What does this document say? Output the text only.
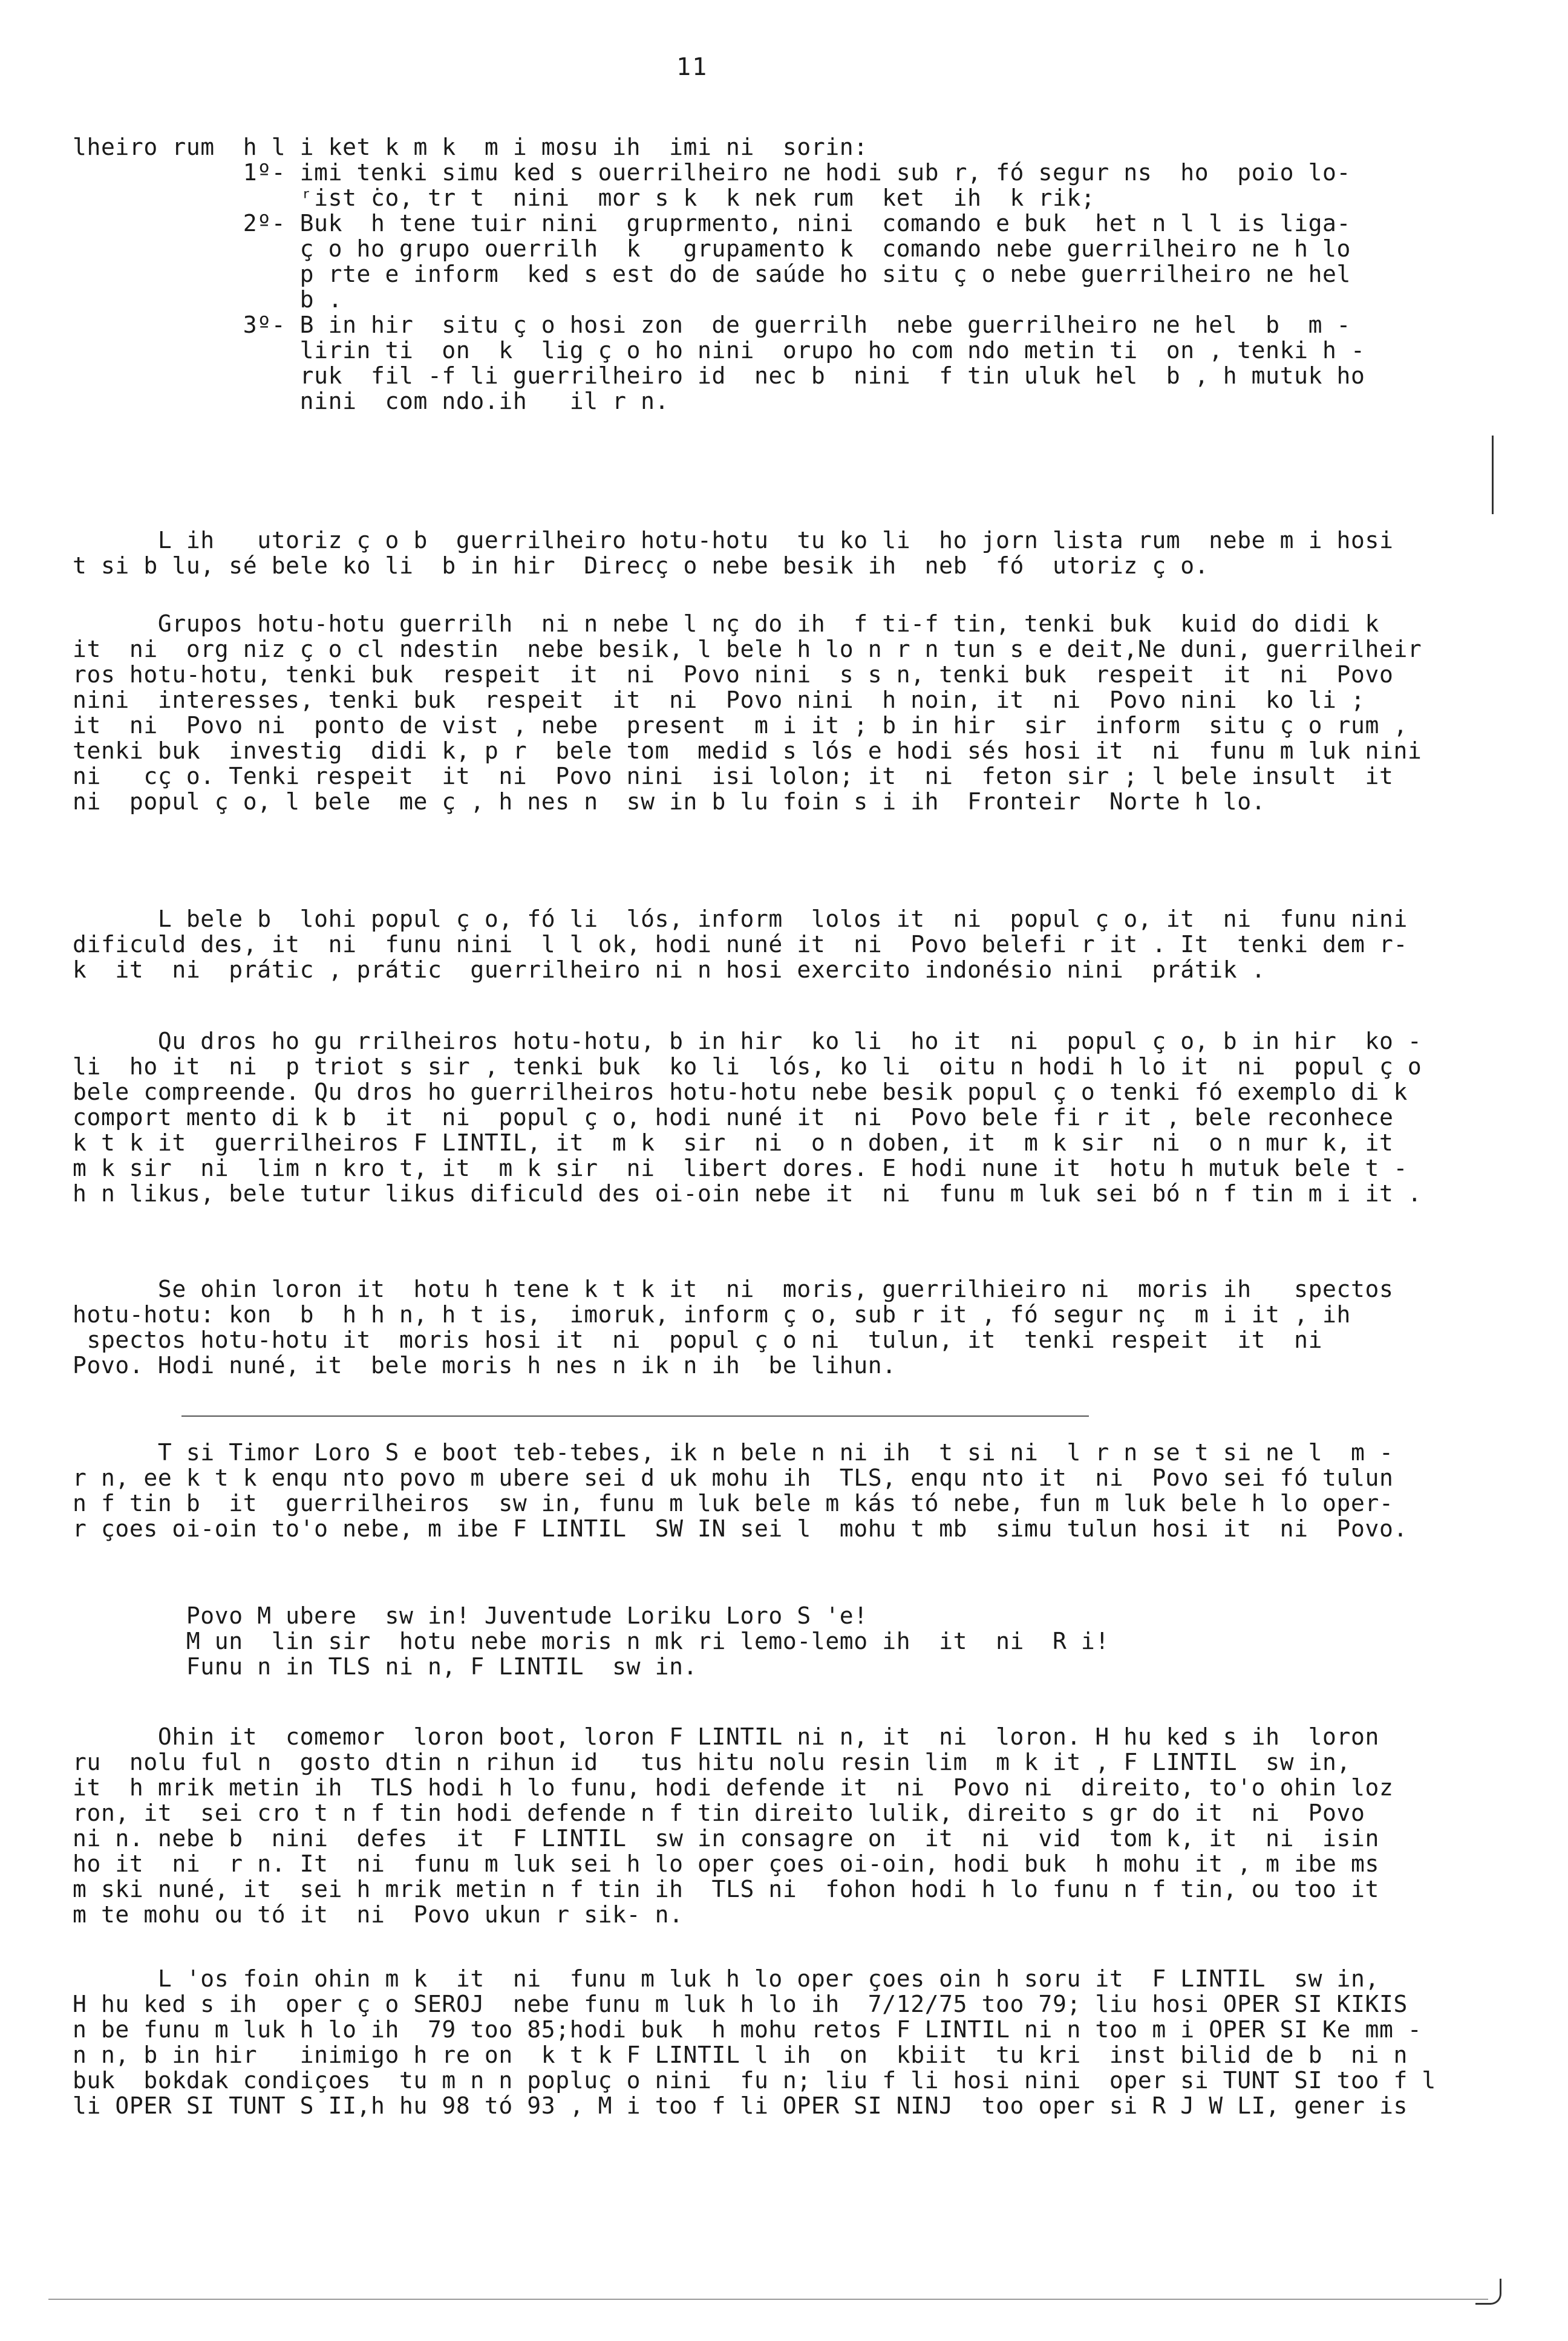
11
lheiro rum  h l i ket k m k  m i mosu ih  imi ni  sorin:
1º- imi tenki simu ked s ouerrilheiro ne hodi sub r, fó segur ns  ho  poio lo-
ʳist ̇co, tr t  nini  mor s k  k nek rum  ket  ih  k rik;
2º- Buk  h tene tuir nini  gruprmento, nini  comando e buk  het n l l is liga-
ç o ho grupo ouerrilh  k   grupamento k  comando nebe guerrilheiro ne h lo
p rte e inform  ked s est do de saúde ho situ ç o nebe guerrilheiro ne hel
b .
3º- B in hir  situ ç o hosi zon  de guerrilh  nebe guerrilheiro ne hel  b  m -
lirin ti  on  k  lig ç o ho nini  orupo ho com ndo metin ti  on , tenki h -
ruk  fil -f li guerrilheiro id  nec b  nini  f tin uluk hel  b , h mutuk ho
nini  com ndo.ih   il r n.
L ih   utoriz ç o b  guerrilheiro hotu-hotu  tu ko li  ho jorn lista rum  nebe m i hosi
t si b lu, sé bele ko li  b in hir  Direcç o nebe besik ih  neb  fó  utoriz ç o.
Grupos hotu-hotu guerrilh  ni n nebe l nç do ih  f ti-f tin, tenki buk  kuid do didi k
it  ni  org niz ç o cl ndestin  nebe besik, l bele h lo n r n tun s e deit,Ne duni, guerrilheir
ros hotu-hotu, tenki buk  respeit  it  ni  Povo nini  s s n, tenki buk  respeit  it  ni  Povo
nini  interesses, tenki buk  respeit  it  ni  Povo nini  h noin, it  ni  Povo nini  ko li ;
it  ni  Povo ni  ponto de vist , nebe  present  m i it ; b in hir  sir  inform  situ ç o rum ,
tenki buk  investig  didi k, p r  bele tom  medid s lós e hodi sés hosi it  ni  funu m luk nini
ni   cç o. Tenki respeit  it  ni  Povo nini  isi lolon; it  ni  feton sir ; l bele insult  it
ni  popul ç o, l bele  me ç , h nes n  sw in b lu foin s i ih  Fronteir  Norte h lo.
L bele b  lohi popul ç o, fó li  lós, inform  lolos it  ni  popul ç o, it  ni  funu nini
dificuld des, it  ni  funu nini  l l ok, hodi nuné it  ni  Povo belefi r it . It  tenki dem r-
k  it  ni  prátic , prátic  guerrilheiro ni n hosi exercito indonésio nini  prátik .
Qu dros ho gu rrilheiros hotu-hotu, b in hir  ko li  ho it  ni  popul ç o, b in hir  ko -
li  ho it  ni  p triot s sir , tenki buk  ko li  lós, ko li  oitu n hodi h lo it  ni  popul ç o
bele compreende. Qu dros ho guerrilheiros hotu-hotu nebe besik popul ç o tenki fó exemplo di k
comport mento di k b  it  ni  popul ç o, hodi nuné it  ni  Povo bele fi r it , bele reconhece
k t k it  guerrilheiros F LINTIL, it  m k  sir  ni  o n doben, it  m k sir  ni  o n mur k, it
m k sir  ni  lim n kro t, it  m k sir  ni  libert dores. E hodi nune it  hotu h mutuk bele t -
h n likus, bele tutur likus dificuld des oi-oin nebe it  ni  funu m luk sei bó n f tin m i it .
Se ohin loron it  hotu h tene k t k it  ni  moris, guerrilhieiro ni  moris ih   spectos
hotu-hotu: kon  b  h h n, h t is,  imoruk, inform ç o, sub r it , fó segur nç  m i it , ih
spectos hotu-hotu it  moris hosi it  ni  popul ç o ni  tulun, it  tenki respeit  it  ni
Povo. Hodi nuné, it  bele moris h nes n ik n ih  be lihun.
T si Timor Loro S e boot teb-tebes, ik n bele n ni ih  t si ni  l r n se t si ne l  m -
r n, ee k t k enqu nto povo m ubere sei d uk mohu ih  TLS, enqu nto it  ni  Povo sei fó tulun
n f tin b  it  guerrilheiros  sw in, funu m luk bele m kás tó nebe, fun m luk bele h lo oper-
r çoes oi-oin to'o nebe, m ibe F LINTIL  SW IN sei l  mohu t mb  simu tulun hosi it  ni  Povo.
Povo M ubere  sw in! Juventude Loriku Loro S 'e!
M un  lin sir  hotu nebe moris n mk ri lemo-lemo ih  it  ni  R i!
Funu n in TLS ni n, F LINTIL  sw in.
Ohin it  comemor  loron boot, loron F LINTIL ni n, it  ni  loron. H hu ked s ih  loron
ru  nolu ful n  gosto dtin n rihun id   tus hitu nolu resin lim  m k it , F LINTIL  sw in,
it  h mrik metin ih  TLS hodi h lo funu, hodi defende it  ni  Povo ni  direito, to'o ohin loz
ron, it  sei cro t n f tin hodi defende n f tin direito lulik, direito s gr do it  ni  Povo
ni n. nebe b  nini  defes  it  F LINTIL  sw in consagre on  it  ni  vid  tom k, it  ni  isin
ho it  ni  r n. It  ni  funu m luk sei h lo oper çoes oi-oin, hodi buk  h mohu it , m ibe ms
m ski nuné, it  sei h mrik metin n f tin ih  TLS ni  fohon hodi h lo funu n f tin, ou too it
m te mohu ou tó it  ni  Povo ukun r sik- n.
L 'os foin ohin m k  it  ni  funu m luk h lo oper çoes oin h soru it  F LINTIL  sw in,
H hu ked s ih  oper ç o SEROJ  nebe funu m luk h lo ih  7/12/75 too 79; liu hosi OPER SI KIKIS
n be funu m luk h lo ih  79 too 85;hodi buk  h mohu retos F LINTIL ni n too m i OPER SI Ke mm -
n n, b in hir   inimigo h re on  k t k F LINTIL l ih  on  kbiit  tu kri  inst bilid de b  ni n
buk  bokdak condiçoes  tu m n n popluç o nini  fu n; liu f li hosi nini  oper si TUNT SI too f l
li OPER SI TUNT S II,h hu 98 tó 93 , M i too f li OPER SI NINJ  too oper si R J W LI, gener is
